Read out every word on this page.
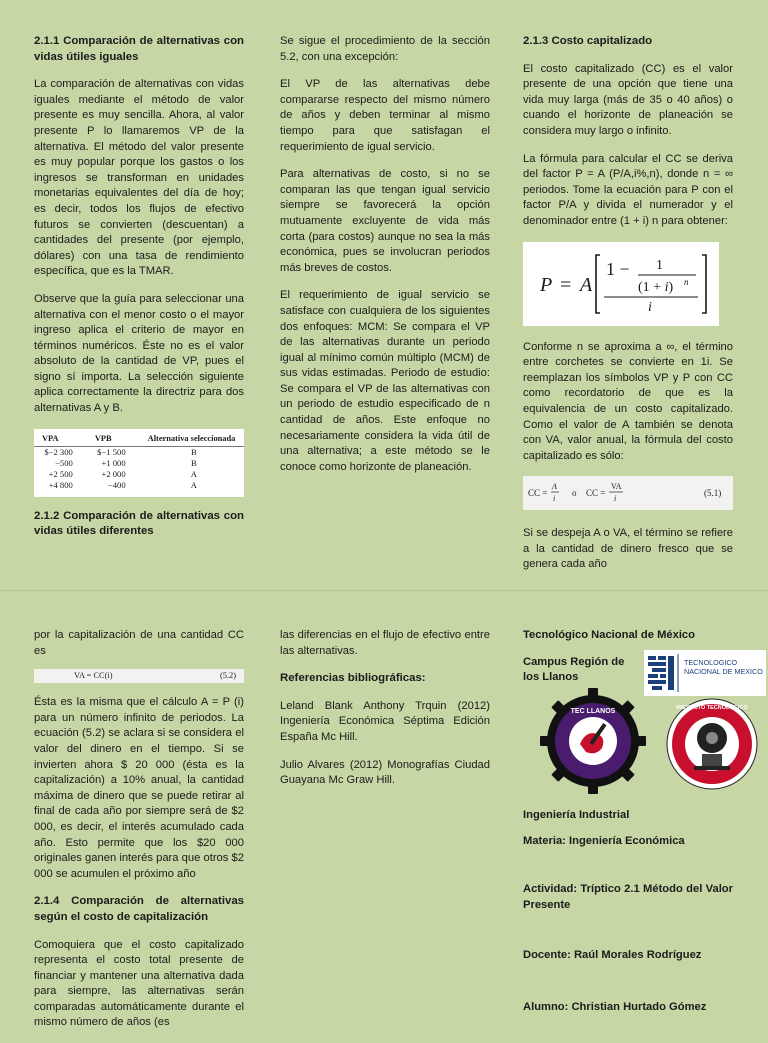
2.1.1 Comparación de alternativas con vidas útiles iguales

La comparación de alternativas con vidas iguales mediante el método de valor presente es muy sencilla. Ahora, al valor presente P lo llamaremos VP de la alternativa. El método del valor presente es muy popular porque los gastos o los ingresos se transforman en unidades monetarias equivalentes del día de hoy; es decir, todos los flujos de efectivo futuros se convierten (descuentan) a cantidades del presente (por ejemplo, dólares) con una tasa de rendimiento específica, que es la TMAR.

Observe que la guía para seleccionar una alternativa con el menor costo o el mayor ingreso aplica el criterio de mayor en términos numéricos. Éste no es el valor absoluto de la cantidad de VP, pues el signo sí importa. La selección siguiente aplica correctamente la directriz para dos alternativas A y B.

VPA	VPB	Alternativa seleccionada
$−2 300	$−1 500	B
−500	+1 000	B
+2 500	+2 000	A
+4 800	−400	A
2.1.2 Comparación de alternativas con vidas útiles diferentes

Se sigue el procedimiento de la sección 5.2, con una excepción:

El VP de las alternativas debe compararse respecto del mismo número de años y deben terminar al mismo tiempo para que satisfagan el requerimiento de igual servicio.

Para alternativas de costo, si no se comparan las que tengan igual servicio siempre se favorecerá la opción mutuamente excluyente de vida más corta (para costos) aunque no sea la más económica, pues se involucran periodos más breves de costos.

El requerimiento de igual servicio se satisface con cualquiera de los siguientes dos enfoques: MCM: Se compara el VP de las alternativas durante un periodo igual al mínimo común múltiplo (MCM) de sus vidas estimadas. Periodo de estudio: Se compara el VP de las alternativas con un periodo de estudio especificado de n cantidad de años. Este enfoque no necesariamente considera la vida útil de una alternativa; a este método se le conoce como horizonte de planeación.

2.1.3 Costo capitalizado

El costo capitalizado (CC) es el valor presente de una opción que tiene una vida muy larga (más de 35 o 40 años) o cuando el horizonte de planeación se considera muy largo o infinito.

La fórmula para calcular el CC se deriva del factor P = A (P/A,i%,n), donde n = ∞ periodos. Tome la ecuación para P con el factor P/A y divida el numerador y el denominador entre (1 + i) n para obtener:

P = A
1 − 1
(1 + i) n
i

Conforme n se aproxima a ∞, el término entre corchetes se convierte en 1i. Se reemplazan los símbolos VP y P con CC como recordatorio de que es la equivalencia de un costo capitalizado. Como el valor de A también se denota con VA, valor anual, la fórmula del costo capitalizado es sólo:

CC =
A
i
o CC =
VA
i
(5.1)

Si se despeja A o VA, el término se refiere a la cantidad de dinero fresco que se genera cada año

por la capitalización de una cantidad CC es

VA = CC(i)	(5.2)

Ésta es la misma que el cálculo A = P (i) para un número infinito de periodos. La ecuación (5.2) se aclara si se considera el valor del dinero en el tiempo. Si se invierten ahora $ 20 000 (ésta es la capitalización) a 10% anual, la cantidad máxima de dinero que se puede retirar al final de cada año por siempre será de $2 000, es decir, el interés acumulado cada año. Esto permite que los $20 000 originales ganen interés para que otros $2 000 se acumulen el próximo año

2.1.4 Comparación de alternativas según el costo de capitalización

Comoquiera que el costo capitalizado representa el costo total presente de financiar y mantener una alternativa dada para siempre, las alternativas serán comparadas automáticamente durante el mismo número de años (es

las diferencias en el flujo de efectivo entre las alternativas.

Referencias bibliográficas:

Leland Blank Anthony Trquin (2012) Ingeniería Económica Séptima Edición España Mc Hill.

Julio Alvares (2012) Monografías Ciudad Guayana Mc Graw Hill.

Tecnológico Nacional de México
Campus Región de los Llanos
TECNOLOGICO NACIONAL DE MEXICO
TEC LLANOS	INSTITUTO TECNOLÓGICO
Ingeniería Industrial
Materia: Ingeniería Económica
Actividad: Tríptico 2.1 Método del Valor Presente
Docente: Raúl Morales Rodríguez
Alumno: Christian Hurtado Gómez
